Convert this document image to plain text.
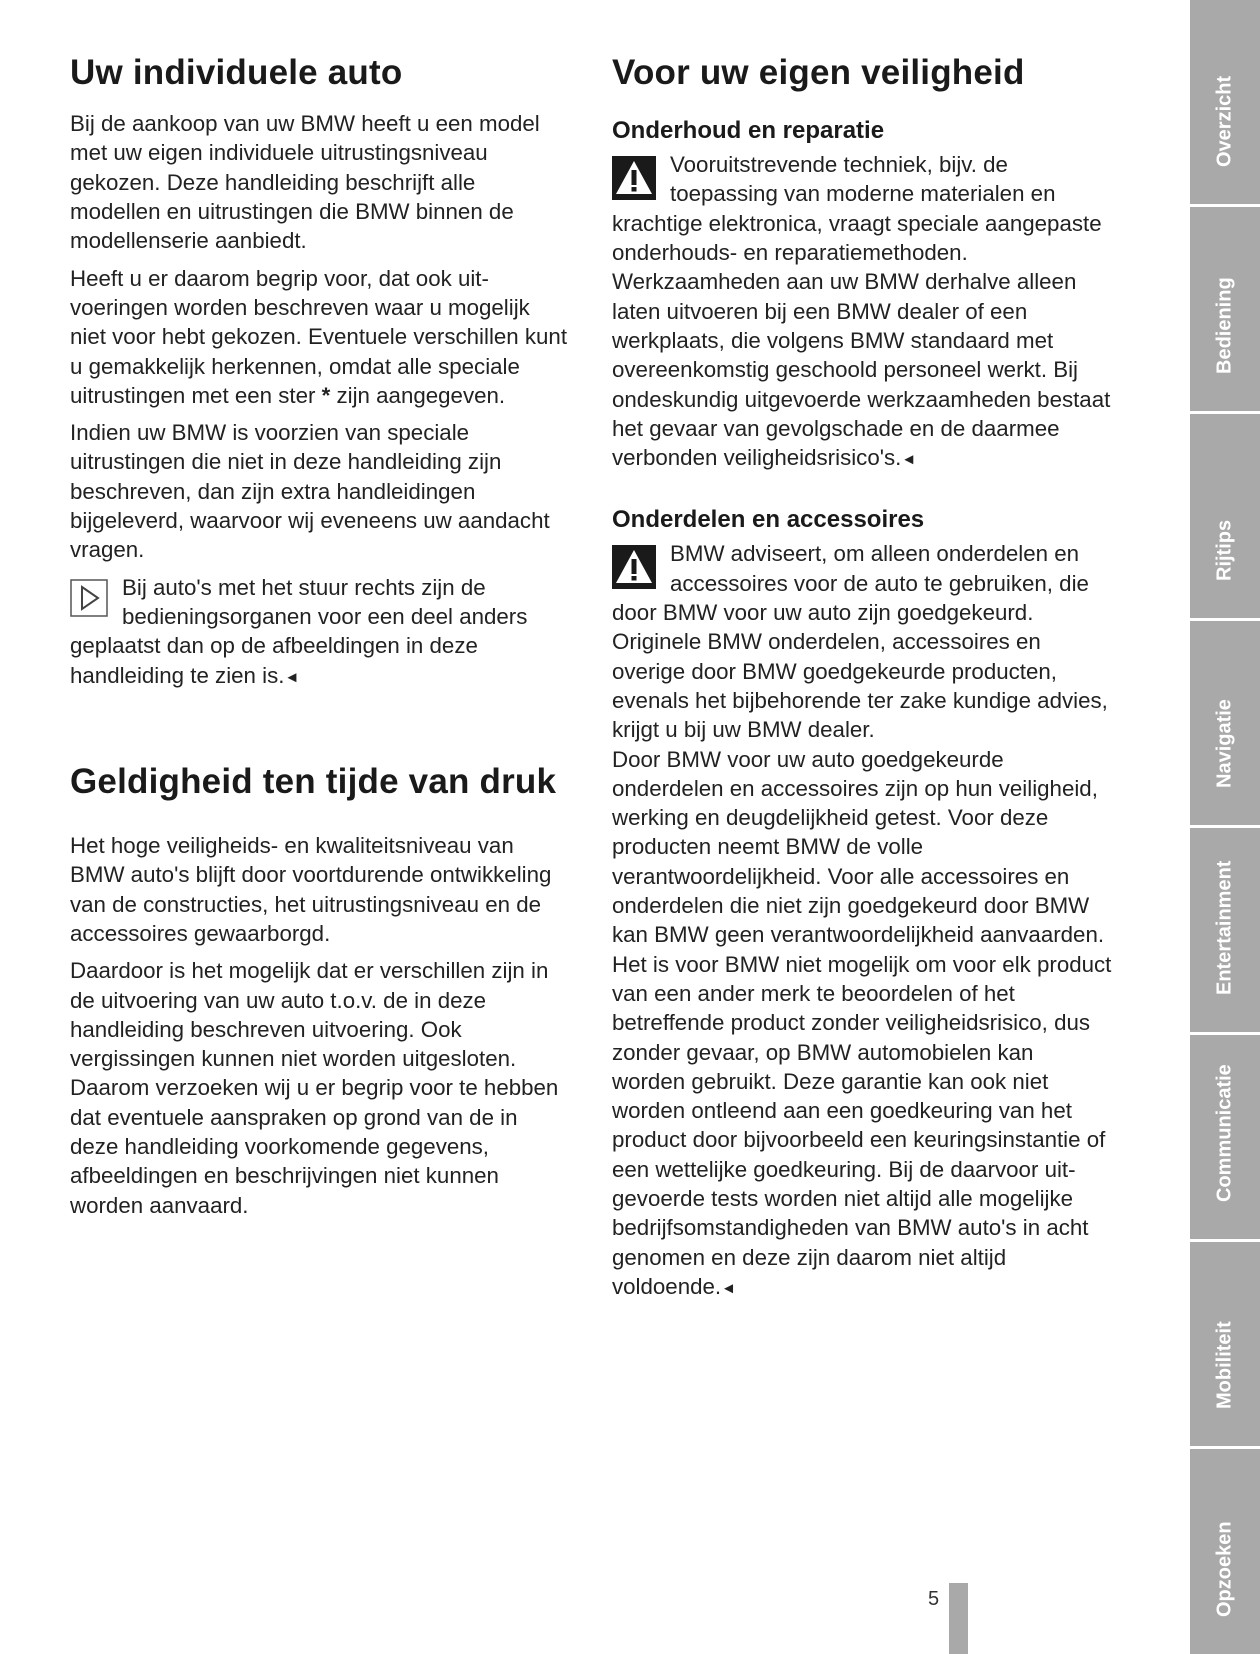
Uw individuele auto

Bij de aankoop van uw BMW heeft u een model met uw eigen individuele uitrustingsniveau gekozen. Deze handleiding beschrijft alle modellen en uitrustingen die BMW binnen de modellenserie aanbiedt.

Heeft u er daarom begrip voor, dat ook uitvoeringen worden beschreven waar u mogelijk niet voor hebt gekozen. Eventuele verschillen kunt u gemakkelijk herkennen, omdat alle speciale uitrustingen met een ster * zijn aangegeven.

Indien uw BMW is voorzien van speciale uitrustingen die niet in deze handleiding zijn beschreven, dan zijn extra handleidingen bijgeleverd, waarvoor wij eveneens uw aandacht vragen.

Bij auto's met het stuur rechts zijn de bedieningsorganen voor een deel anders geplaatst dan op de afbeeldingen in deze handleiding te zien is.◄

Geldigheid ten tijde van druk

Het hoge veiligheids- en kwaliteitsniveau van BMW auto's blijft door voortdurende ontwikkeling van de constructies, het uitrustingsniveau en de accessoires gewaarborgd.

Daardoor is het mogelijk dat er verschillen zijn in de uitvoering van uw auto t.o.v. de in deze handleiding beschreven uitvoering. Ook vergissingen kunnen niet worden uitgesloten. Daarom verzoeken wij u er begrip voor te hebben dat eventuele aanspraken op grond van de in deze handleiding voorkomende gegevens, afbeeldingen en beschrijvingen niet kunnen worden aanvaard.

Voor uw eigen veiligheid
Onderhoud en reparatie

Vooruitstrevende techniek, bijv. de toepassing van moderne materialen en krachtige elektronica, vraagt speciale aangepaste onderhouds- en reparatiemethoden. Werkzaamheden aan uw BMW derhalve alleen laten uitvoeren bij een BMW dealer of een werkplaats, die volgens BMW standaard met overeenkomstig geschoold personeel werkt. Bij ondeskundig uitgevoerde werkzaamheden bestaat het gevaar van gevolgschade en de daarmee verbonden veiligheidsrisico's.◄

Onderdelen en accessoires

BMW adviseert, om alleen onderdelen en accessoires voor de auto te gebruiken, die door BMW voor uw auto zijn goedgekeurd.

Originele BMW onderdelen, accessoires en overige door BMW goedgekeurde producten, evenals het bijbehorende ter zake kundige advies, krijgt u bij uw BMW dealer.

Door BMW voor uw auto goedgekeurde onderdelen en accessoires zijn op hun veiligheid, werking en deugdelijkheid getest. Voor deze producten neemt BMW de volle verantwoordelijkheid. Voor alle accessoires en onderdelen die niet zijn goedgekeurd door BMW kan BMW geen verantwoordelijkheid aanvaarden.

Het is voor BMW niet mogelijk om voor elk product van een ander merk te beoordelen of het betreffende product zonder veiligheidsrisico, dus zonder gevaar, op BMW automobielen kan worden gebruikt. Deze garantie kan ook niet worden ontleend aan een goedkeuring van het product door bijvoorbeeld een keuringsinstantie of een wettelijke goedkeuring. Bij de daarvoor uitgevoerde tests worden niet altijd alle mogelijke bedrijfsomstandigheden van BMW auto's in acht genomen en deze zijn daarom niet altijd voldoende.◄

Overzicht
Bediening
Rijtips
Navigatie
Entertainment
Communicatie
Mobiliteit
Opzoeken
5
